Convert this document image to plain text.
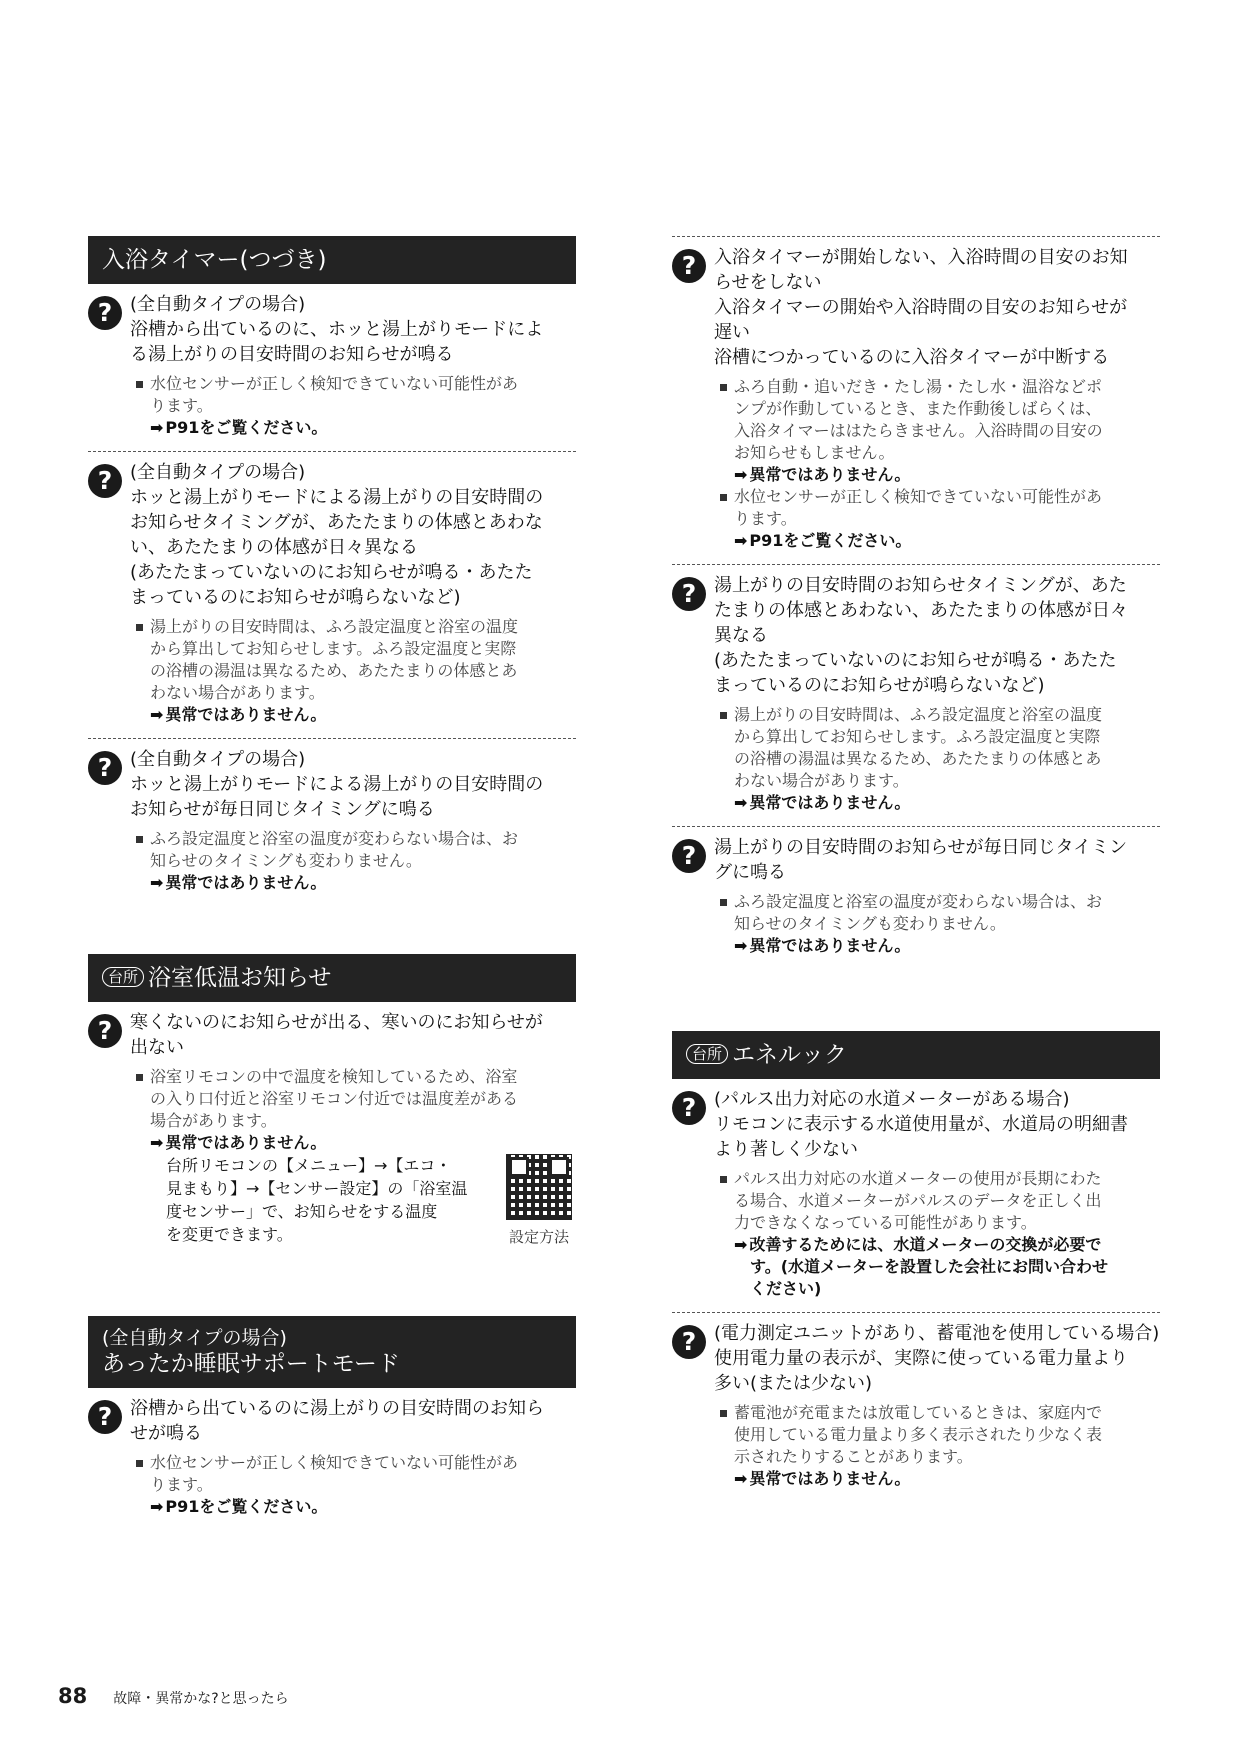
入浴タイマー(つづき)
? (全自動タイプの場合)
浴槽から出ているのに、ホッと湯上がりモードによ
る湯上がりの目安時間のお知らせが鳴る
水位センサーが正しく検知できていない可能性があ
ります。
➡ P91をご覧ください。
? (全自動タイプの場合)
ホッと湯上がりモードによる湯上がりの目安時間の
お知らせタイミングが、あたたまりの体感とあわな
い、あたたまりの体感が日々異なる
(あたたまっていないのにお知らせが鳴る・あたた
まっているのにお知らせが鳴らないなど)
湯上がりの目安時間は、ふろ設定温度と浴室の温度
から算出してお知らせします。ふろ設定温度と実際
の浴槽の湯温は異なるため、あたたまりの体感とあ
わない場合があります。
➡ 異常ではありません。
? (全自動タイプの場合)
ホッと湯上がりモードによる湯上がりの目安時間の
お知らせが毎日同じタイミングに鳴る
ふろ設定温度と浴室の温度が変わらない場合は、お
知らせのタイミングも変わりません。
➡ 異常ではありません。
台所 浴室低温お知らせ
? 寒くないのにお知らせが出る、寒いのにお知らせが
出ない
浴室リモコンの中で温度を検知しているため、浴室
の入り口付近と浴室リモコン付近では温度差がある
場合があります。
➡ 異常ではありません。
台所リモコンの【メニュー】→【エコ・
見まもり】→【センサー設定】の「浴室温
度センサー」で、お知らせをする温度
を変更できます。	設定方法
(全自動タイプの場合)
あったか睡眠サポートモード
? 浴槽から出ているのに湯上がりの目安時間のお知ら
せが鳴る
水位センサーが正しく検知できていない可能性があ
ります。
➡ P91をご覧ください。
? 入浴タイマーが開始しない、入浴時間の目安のお知
らせをしない
入浴タイマーの開始や入浴時間の目安のお知らせが
遅い
浴槽につかっているのに入浴タイマーが中断する
ふろ自動・追いだき・たし湯・たし水・温浴などポ
ンプが作動しているとき、また作動後しばらくは、
入浴タイマーははたらきません。入浴時間の目安の
お知らせもしません。
➡ 異常ではありません。
水位センサーが正しく検知できていない可能性があ
ります。
➡ P91をご覧ください。
? 湯上がりの目安時間のお知らせタイミングが、あた
たまりの体感とあわない、あたたまりの体感が日々
異なる
(あたたまっていないのにお知らせが鳴る・あたた
まっているのにお知らせが鳴らないなど)
湯上がりの目安時間は、ふろ設定温度と浴室の温度
から算出してお知らせします。ふろ設定温度と実際
の浴槽の湯温は異なるため、あたたまりの体感とあ
わない場合があります。
➡ 異常ではありません。
? 湯上がりの目安時間のお知らせが毎日同じタイミン
グに鳴る
ふろ設定温度と浴室の温度が変わらない場合は、お
知らせのタイミングも変わりません。
➡ 異常ではありません。
台所 エネルック
? (パルス出力対応の水道メーターがある場合)
リモコンに表示する水道使用量が、水道局の明細書
より著しく少ない
パルス出力対応の水道メーターの使用が長期にわた
る場合、水道メーターがパルスのデータを正しく出
力できなくなっている可能性があります。
➡ 改善するためには、水道メーターの交換が必要で
す。(水道メーターを設置した会社にお問い合わせ
ください)
? (電力測定ユニットがあり、蓄電池を使用している場合)
使用電力量の表示が、実際に使っている電力量より
多い(または少ない)
蓄電池が充電または放電しているときは、家庭内で
使用している電力量より多く表示されたり少なく表
示されたりすることがあります。
➡ 異常ではありません。
88 故障・異常かな?と思ったら
